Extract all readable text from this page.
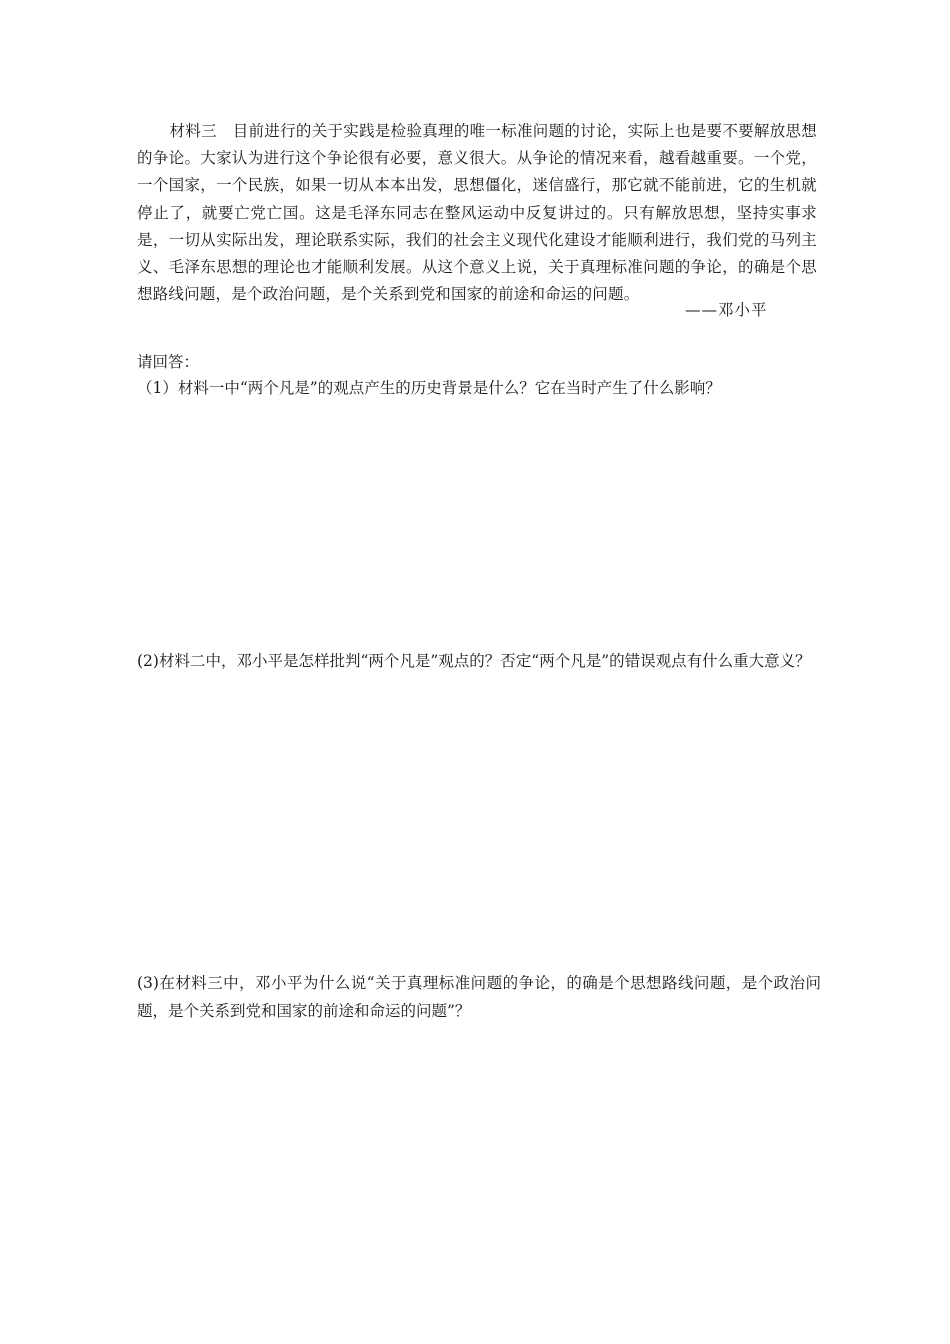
材料三　目前进行的关于实践是检验真理的唯一标准问题的讨论，实际上也是要不要解放思想的争论。大家认为进行这个争论很有必要，意义很大。从争论的情况来看，越看越重要。一个党，一个国家，一个民族，如果一切从本本出发，思想僵化，迷信盛行，那它就不能前进，它的生机就停止了，就要亡党亡国。这是毛泽东同志在整风运动中反复讲过的。只有解放思想，坚持实事求是，一切从实际出发，理论联系实际，我们的社会主义现代化建设才能顺利进行，我们党的马列主义、毛泽东思想的理论也才能顺利发展。从这个意义上说，关于真理标准问题的争论，的确是个思想路线问题，是个政治问题，是个关系到党和国家的前途和命运的问题。

——邓小平

请回答：

（1）材料一中“两个凡是”的观点产生的历史背景是什么？它在当时产生了什么影响？

(2)材料二中，邓小平是怎样批判“两个凡是”观点的？否定“两个凡是”的错误观点有什么重大意义？

(3)在材料三中，邓小平为什么说“关于真理标准问题的争论，的确是个思想路线问题，是个政治问题，是个关系到党和国家的前途和命运的问题”？
